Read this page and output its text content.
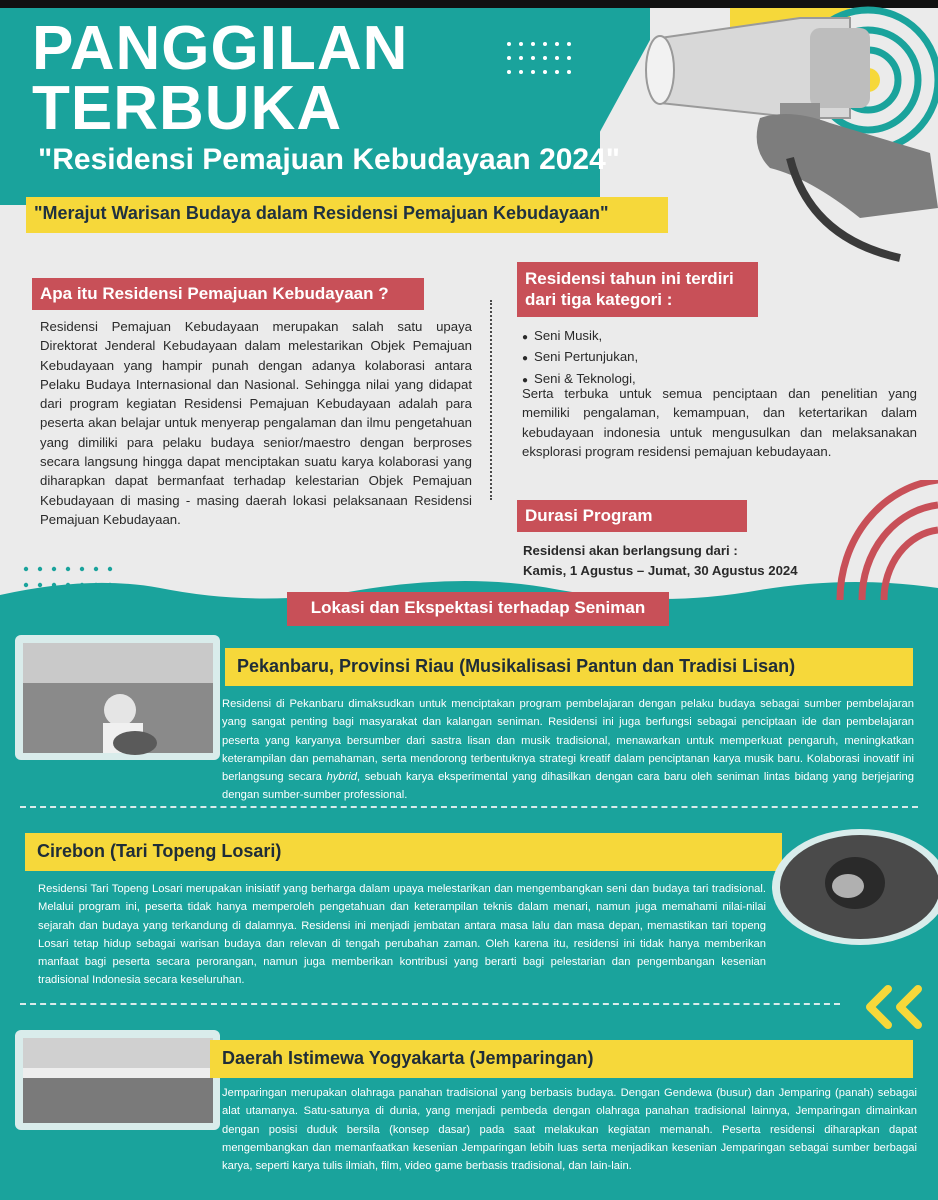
PANGGILAN
TERBUKA
"Residensi Pemajuan Kebudayaan 2024"
"Merajut Warisan Budaya dalam Residensi Pemajuan Kebudayaan"
Apa itu Residensi Pemajuan Kebudayaan ?
Residensi Pemajuan Kebudayaan merupakan salah satu upaya Direktorat Jenderal Kebudayaan dalam melestarikan Objek Pemajuan Kebudayaan yang hampir punah dengan adanya kolaborasi antara Pelaku Budaya Internasional dan Nasional. Sehingga nilai yang didapat dari program kegiatan Residensi Pemajuan Kebudayaan adalah para peserta akan belajar untuk menyerap pengalaman dan ilmu pengetahuan yang dimiliki para pelaku budaya senior/maestro dengan berproses secara langsung hingga dapat menciptakan suatu karya kolaborasi yang diharapkan dapat bermanfaat terhadap kelestarian Objek Pemajuan Kebudayaan di masing - masing daerah lokasi pelaksanaan Residensi Pemajuan Kebudayaan.
Residensi tahun ini terdiri
dari tiga kategori :
● Seni Musik,
● Seni Pertunjukan,
● Seni & Teknologi,
Serta terbuka untuk semua penciptaan dan penelitian yang memiliki pengalaman, kemampuan, dan ketertarikan dalam kebudayaan indonesia untuk mengusulkan dan melaksanakan eksplorasi program residensi pemajuan kebudayaan.
Durasi Program
Residensi akan berlangsung dari :
Kamis, 1 Agustus – Jumat, 30 Agustus 2024
Lokasi dan Ekspektasi terhadap Seniman
Pekanbaru, Provinsi Riau (Musikalisasi Pantun dan Tradisi Lisan)
Residensi di Pekanbaru dimaksudkan untuk menciptakan program pembelajaran dengan pelaku budaya sebagai sumber pembelajaran yang sangat penting bagi masyarakat dan kalangan seniman. Residensi ini juga berfungsi sebagai penciptaan ide dan pembelajaran peserta yang karyanya bersumber dari sastra lisan dan musik tradisional, menawarkan untuk memperkuat pengaruh, meningkatkan keterampilan dan pemahaman, serta mendorong terbentuknya strategi kreatif dalam penciptanan karya musik baru. Kolaborasi inovatif ini berlangsung secara hybrid, sebuah karya eksperimental yang dihasilkan dengan cara baru oleh seniman lintas bidang yang berjejaring dengan sumber-sumber professional.
Cirebon (Tari Topeng Losari)
Residensi Tari Topeng Losari merupakan inisiatif yang berharga dalam upaya melestarikan dan mengembangkan seni dan budaya tari tradisional. Melalui program ini, peserta tidak hanya memperoleh pengetahuan dan keterampilan teknis dalam menari, namun juga memahami nilai-nilai sejarah dan budaya yang terkandung di dalamnya. Residensi ini menjadi jembatan antara masa lalu dan masa depan, memastikan tari topeng Losari tetap hidup sebagai warisan budaya dan relevan di tengah perubahan zaman. Oleh karena itu, residensi ini tidak hanya memberikan manfaat bagi peserta secara perorangan, namun juga memberikan kontribusi yang berarti bagi pelestarian dan pengembangan kesenian tradisional Indonesia secara keseluruhan.
Daerah Istimewa Yogyakarta (Jemparingan)
Jemparingan merupakan olahraga panahan tradisional yang berbasis budaya. Dengan Gendewa (busur) dan Jemparing (panah) sebagai alat utamanya. Satu-satunya di dunia, yang menjadi pembeda dengan olahraga panahan tradisional lainnya, Jemparingan dimainkan dengan posisi duduk bersila (konsep dasar) pada saat melakukan kegiatan memanah. Peserta residensi diharapkan dapat mengembangkan dan memanfaatkan kesenian Jemparingan lebih luas serta menjadikan kesenian Jemparingan sebagai sumber berbagai karya, seperti karya tulis ilmiah, film, video game berbasis tradisional, dan lain-lain.
